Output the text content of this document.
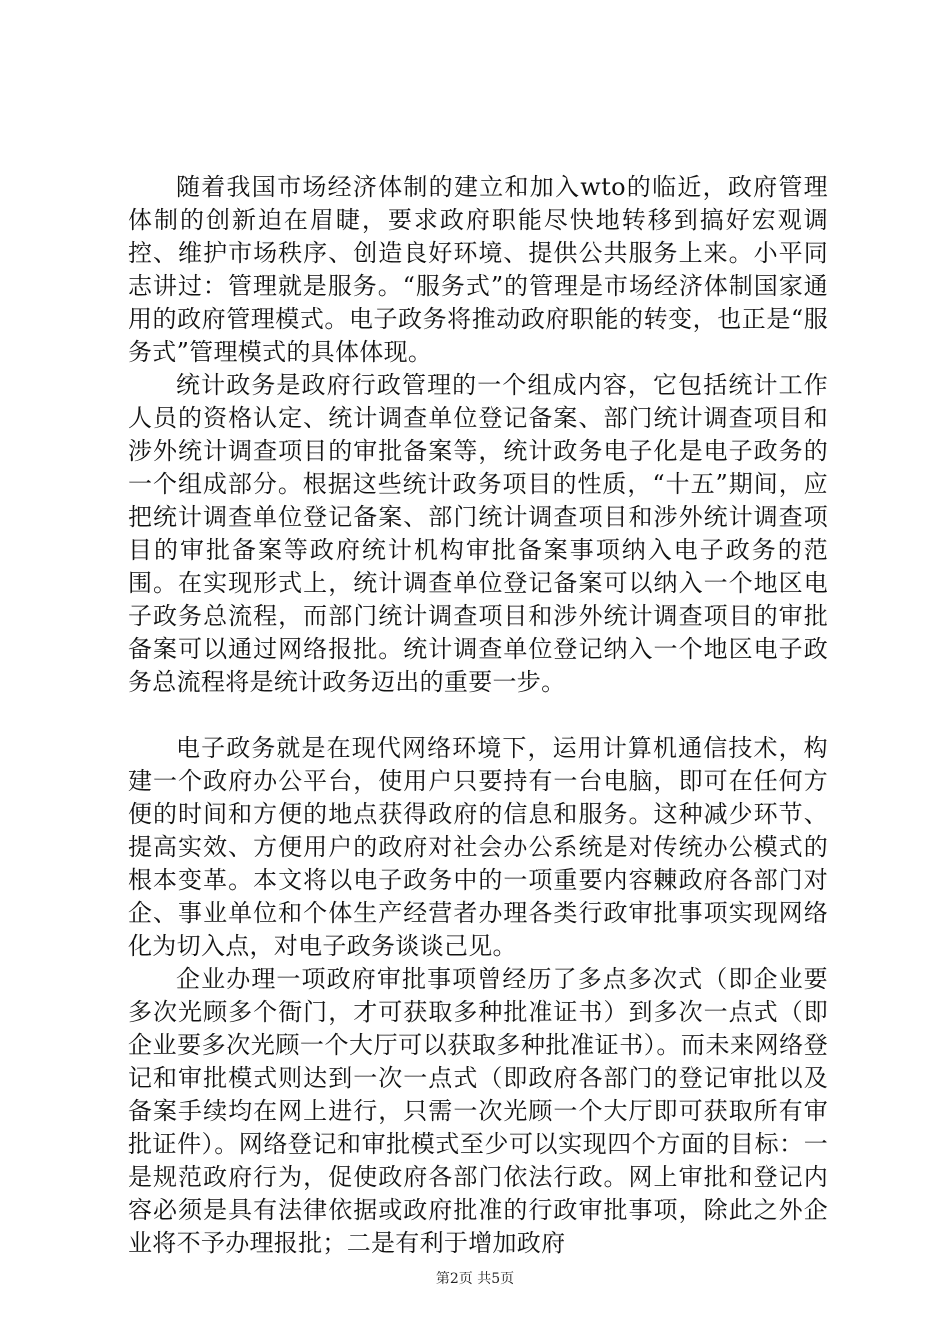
随着我国市场经济体制的建立和加入wto的临近，政府管理体制的创新迫在眉睫，要求政府职能尽快地转移到搞好宏观调控、维护市场秩序、创造良好环境、提供公共服务上来。小平同志讲过：管理就是服务。“服务式”的管理是市场经济体制国家通用的政府管理模式。电子政务将推动政府职能的转变，也正是“服务式”管理模式的具体体现。

统计政务是政府行政管理的一个组成内容，它包括统计工作人员的资格认定、统计调查单位登记备案、部门统计调查项目和涉外统计调查项目的审批备案等，统计政务电子化是电子政务的一个组成部分。根据这些统计政务项目的性质，“十五”期间，应把统计调查单位登记备案、部门统计调查项目和涉外统计调查项目的审批备案等政府统计机构审批备案事项纳入电子政务的范围。在实现形式上，统计调查单位登记备案可以纳入一个地区电子政务总流程，而部门统计调查项目和涉外统计调查项目的审批备案可以通过网络报批。统计调查单位登记纳入一个地区电子政务总流程将是统计政务迈出的重要一步。

电子政务就是在现代网络环境下，运用计算机通信技术，构建一个政府办公平台，使用户只要持有一台电脑，即可在任何方便的时间和方便的地点获得政府的信息和服务。这种减少环节、提高实效、方便用户的政府对社会办公系统是对传统办公模式的根本变革。本文将以电子政务中的一项重要内容㯥政府各部门对企、事业单位和个体生产经营者办理各类行政审批事项实现网络化为切入点，对电子政务谈谈己见。

企业办理一项政府审批事项曾经历了多点多次式（即企业要多次光顾多个衙门，才可获取多种批准证书）到多次一点式（即企业要多次光顾一个大厅可以获取多种批准证书）。而未来网络登记和审批模式则达到一次一点式（即政府各部门的登记审批以及备案手续均在网上进行，只需一次光顾一个大厅即可获取所有审批证件）。网络登记和审批模式至少可以实现四个方面的目标：一是规范政府行为，促使政府各部门依法行政。网上审批和登记内容必须是具有法律依据或政府批准的行政审批事项，除此之外企业将不予办理报批；二是有利于增加政府

第2页 共5页
